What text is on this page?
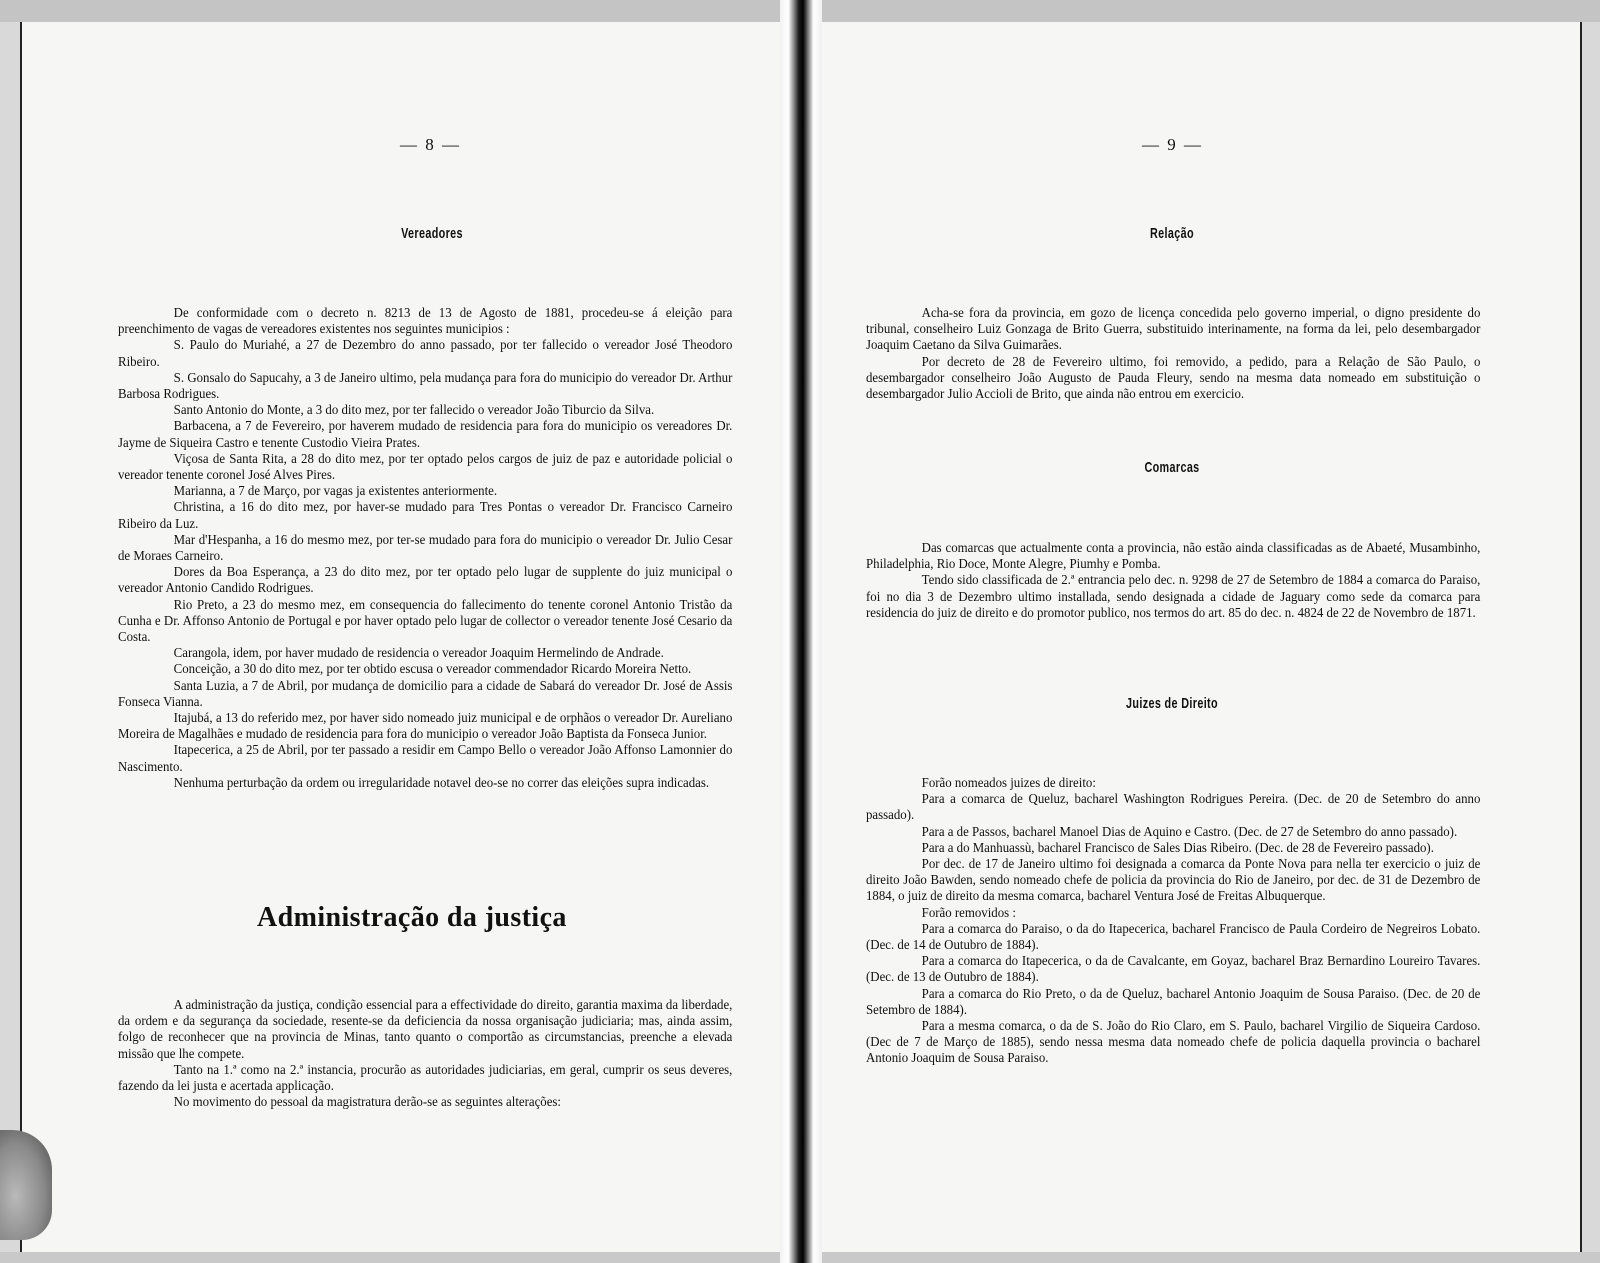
— 8 —
Vereadores

De conformidade com o decreto n. 8213 de 13 de Agosto de 1881, procedeu-se á eleição para preenchimento de vagas de vereadores existentes nos seguintes municipios :

S. Paulo do Muriahé, a 27 de Dezembro do anno passado, por ter fallecido o vereador José Theodoro Ribeiro.

S. Gonsalo do Sapucahy, a 3 de Janeiro ultimo, pela mudança para fora do municipio do vereador Dr. Arthur Barbosa Rodrigues.

Santo Antonio do Monte, a 3 do dito mez, por ter fallecido o vereador João Tiburcio da Silva.

Barbacena, a 7 de Fevereiro, por haverem mudado de residencia para fora do municipio os vereadores Dr. Jayme de Siqueira Castro e tenente Custodio Vieira Prates.

Viçosa de Santa Rita, a 28 do dito mez, por ter optado pelos cargos de juiz de paz e autoridade policial o vereador tenente coronel José Alves Pires.

Marianna, a 7 de Março, por vagas ja existentes anteriormente.

Christina, a 16 do dito mez, por haver-se mudado para Tres Pontas o vereador Dr. Francisco Carneiro Ribeiro da Luz.

Mar d'Hespanha, a 16 do mesmo mez, por ter-se mudado para fora do municipio o vereador Dr. Julio Cesar de Moraes Carneiro.

Dores da Boa Esperança, a 23 do dito mez, por ter optado pelo lugar de supplente do juiz municipal o vereador Antonio Candido Rodrigues.

Rio Preto, a 23 do mesmo mez, em consequencia do fallecimento do tenente coronel Antonio Tristão da Cunha e Dr. Affonso Antonio de Portugal e por haver optado pelo lugar de collector o vereador tenente José Cesario da Costa.

Carangola, idem, por haver mudado de residencia o vereador Joaquim Hermelindo de Andrade.

Conceição, a 30 do dito mez, por ter obtido escusa o vereador commendador Ricardo Moreira Netto.

Santa Luzia, a 7 de Abril, por mudança de domicilio para a cidade de Sabará do vereador Dr. José de Assis Fonseca Vianna.

Itajubá, a 13 do referido mez, por haver sido nomeado juiz municipal e de orphãos o vereador Dr. Aureliano Moreira de Magalhães e mudado de residencia para fora do municipio o vereador João Baptista da Fonseca Junior.

Itapecerica, a 25 de Abril, por ter passado a residir em Campo Bello o vereador João Affonso Lamonnier do Nascimento.

Nenhuma perturbação da ordem ou irregularidade notavel deo-se no correr das eleições supra indicadas.

Administração da justiça

A administração da justiça, condição essencial para a effectividade do direito, garantia maxima da liberdade, da ordem e da segurança da sociedade, resente-se da deficiencia da nossa organisação judiciaria; mas, ainda assim, folgo de reconhecer que na provincia de Minas, tanto quanto o comportão as circumstancias, preenche a elevada missão que lhe compete.

Tanto na 1.ª como na 2.ª instancia, procurão as autoridades judiciarias, em geral, cumprir os seus deveres, fazendo da lei justa e acertada applicação.

No movimento do pessoal da magistratura derão-se as seguintes alterações:

— 9 —
Relação

Acha-se fora da provincia, em gozo de licença concedida pelo governo imperial, o digno presidente do tribunal, conselheiro Luiz Gonzaga de Brito Guerra, substituido interinamente, na forma da lei, pelo desembargador Joaquim Caetano da Silva Guimarães.

Por decreto de 28 de Fevereiro ultimo, foi removido, a pedido, para a Relação de São Paulo, o desembargador conselheiro João Augusto de Pauda Fleury, sendo na mesma data nomeado em substituição o desembargador Julio Accioli de Brito, que ainda não entrou em exercicio.

Comarcas

Das comarcas que actualmente conta a provincia, não estão ainda classificadas as de Abaeté, Musambinho, Philadelphia, Rio Doce, Monte Alegre, Piumhy e Pomba.

Tendo sido classificada de 2.ª entrancia pelo dec. n. 9298 de 27 de Setembro de 1884 a comarca do Paraiso, foi no dia 3 de Dezembro ultimo installada, sendo designada a cidade de Jaguary como sede da comarca para residencia do juiz de direito e do promotor publico, nos termos do art. 85 do dec. n. 4824 de 22 de Novembro de 1871.

Juizes de Direito

Forão nomeados juizes de direito:

Para a comarca de Queluz, bacharel Washington Rodrigues Pereira. (Dec. de 20 de Setembro do anno passado).

Para a de Passos, bacharel Manoel Dias de Aquino e Castro. (Dec. de 27 de Setembro do anno passado).

Para a do Manhuassù, bacharel Francisco de Sales Dias Ribeiro. (Dec. de 28 de Fevereiro passado).

Por dec. de 17 de Janeiro ultimo foi designada a comarca da Ponte Nova para nella ter exercicio o juiz de direito João Bawden, sendo nomeado chefe de policia da provincia do Rio de Janeiro, por dec. de 31 de Dezembro de 1884, o juiz de direito da mesma comarca, bacharel Ventura José de Freitas Albuquerque.

Forão removidos :

Para a comarca do Paraiso, o da do Itapecerica, bacharel Francisco de Paula Cordeiro de Negreiros Lobato. (Dec. de 14 de Outubro de 1884).

Para a comarca do Itapecerica, o da de Cavalcante, em Goyaz, bacharel Braz Bernardino Loureiro Tavares. (Dec. de 13 de Outubro de 1884).

Para a comarca do Rio Preto, o da de Queluz, bacharel Antonio Joaquim de Sousa Paraiso. (Dec. de 20 de Setembro de 1884).

Para a mesma comarca, o da de S. João do Rio Claro, em S. Paulo, bacharel Virgilio de Siqueira Cardoso. (Dec de 7 de Março de 1885), sendo nessa mesma data nomeado chefe de policia daquella provincia o bacharel Antonio Joaquim de Sousa Paraiso.
